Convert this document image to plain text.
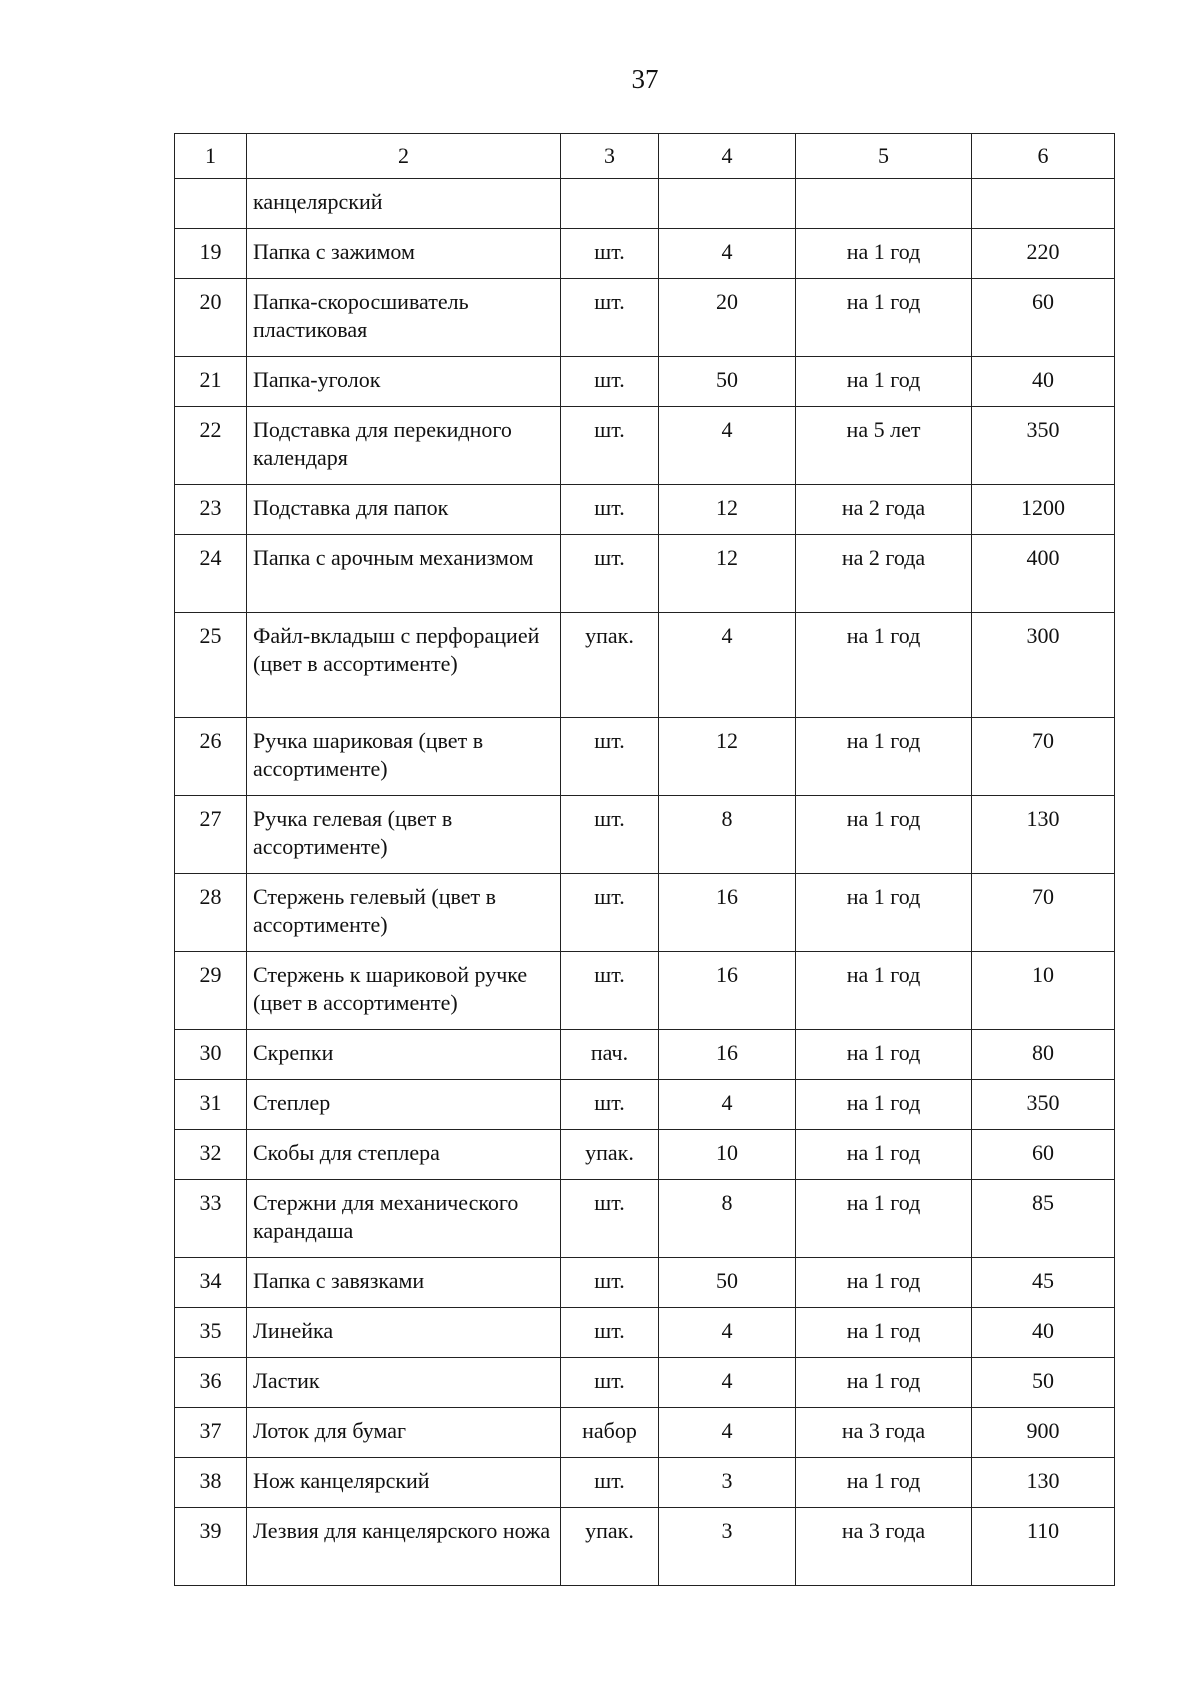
37
1	2	3	4	5	6
	канцелярский				
19	Папка с зажимом	шт.	4	на 1 год	220
20	Папка-скоросшиватель пластиковая	шт.	20	на 1 год	60
21	Папка-уголок	шт.	50	на 1 год	40
22	Подставка для перекидного календаря	шт.	4	на 5 лет	350
23	Подставка для папок	шт.	12	на 2 года	1200
24	Папка с арочным механизмом	шт.	12	на 2 года	400
25	Файл-вкладыш с перфорацией (цвет в ассортименте)	упак.	4	на 1 год	300
26	Ручка шариковая (цвет в ассортименте)	шт.	12	на 1 год	70
27	Ручка гелевая (цвет в ассортименте)	шт.	8	на 1 год	130
28	Стержень гелевый (цвет в ассортименте)	шт.	16	на 1 год	70
29	Стержень к шариковой ручке (цвет в ассортименте)	шт.	16	на 1 год	10
30	Скрепки	пач.	16	на 1 год	80
31	Степлер	шт.	4	на 1 год	350
32	Скобы для степлера	упак.	10	на 1 год	60
33	Стержни для механического карандаша	шт.	8	на 1 год	85
34	Папка с завязками	шт.	50	на 1 год	45
35	Линейка	шт.	4	на 1 год	40
36	Ластик	шт.	4	на 1 год	50
37	Лоток для бумаг	набор	4	на 3 года	900
38	Нож канцелярский	шт.	3	на 1 год	130
39	Лезвия для канцелярского ножа	упак.	3	на 3 года	110
